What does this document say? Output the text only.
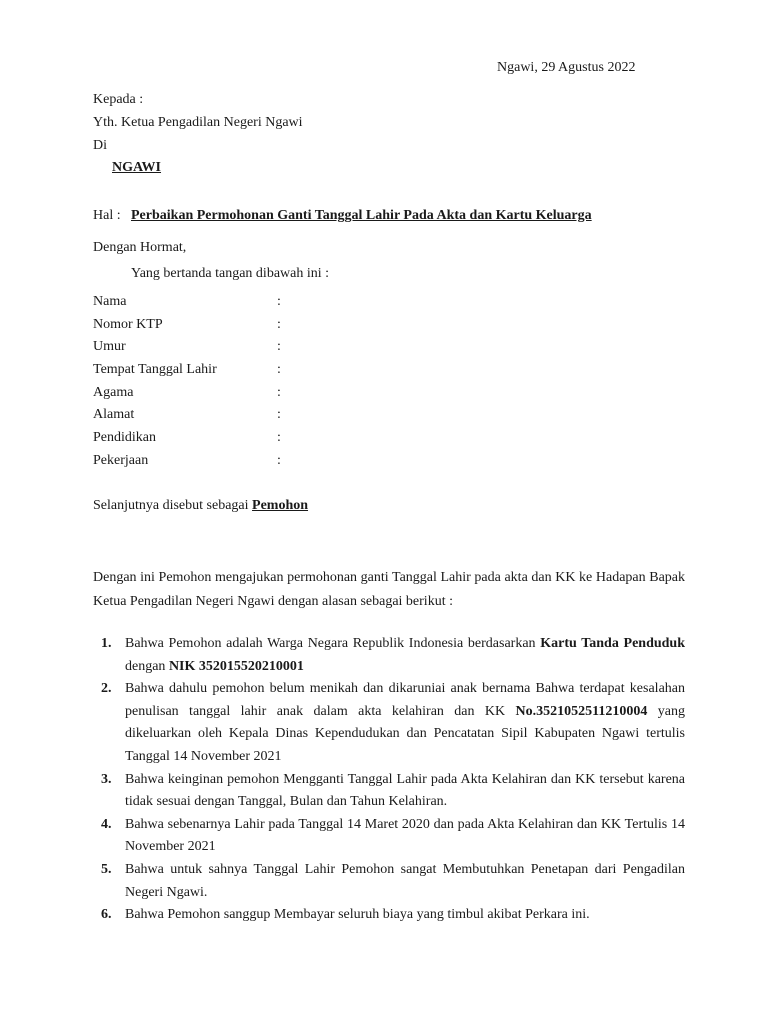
Ngawi, 29 Agustus 2022
Kepada :
Yth. Ketua Pengadilan Negeri Ngawi
Di
NGAWI
Hal : Perbaikan Permohonan Ganti Tanggal Lahir Pada Akta dan Kartu Keluarga
Dengan Hormat,
Yang bertanda tangan dibawah ini :
Nama	:
Nomor KTP	:
Umur	:
Tempat Tanggal Lahir	:
Agama	:
Alamat	:
Pendidikan	:
Pekerjaan	:
Selanjutnya disebut sebagai Pemohon
Dengan ini Pemohon mengajukan permohonan ganti Tanggal Lahir pada akta dan KK ke Hadapan Bapak Ketua Pengadilan Negeri Ngawi dengan alasan sebagai berikut :
1. Bahwa Pemohon adalah Warga Negara Republik Indonesia berdasarkan Kartu Tanda Penduduk dengan NIK 352015520210001
2. Bahwa dahulu pemohon belum menikah dan dikaruniai anak bernama Bahwa terdapat kesalahan penulisan tanggal lahir anak dalam akta kelahiran dan KK No.3521052511210004 yang dikeluarkan oleh Kepala Dinas Kependudukan dan Pencatatan Sipil Kabupaten Ngawi tertulis Tanggal 14 November 2021
3. Bahwa keinginan pemohon Mengganti Tanggal Lahir pada Akta Kelahiran dan KK tersebut karena tidak sesuai dengan Tanggal, Bulan dan Tahun Kelahiran.
4. Bahwa sebenarnya Lahir pada Tanggal 14 Maret 2020 dan pada Akta Kelahiran dan KK Tertulis 14 November 2021
5. Bahwa untuk sahnya Tanggal Lahir Pemohon sangat Membutuhkan Penetapan dari Pengadilan Negeri Ngawi.
6. Bahwa Pemohon sanggup Membayar seluruh biaya yang timbul akibat Perkara ini.
